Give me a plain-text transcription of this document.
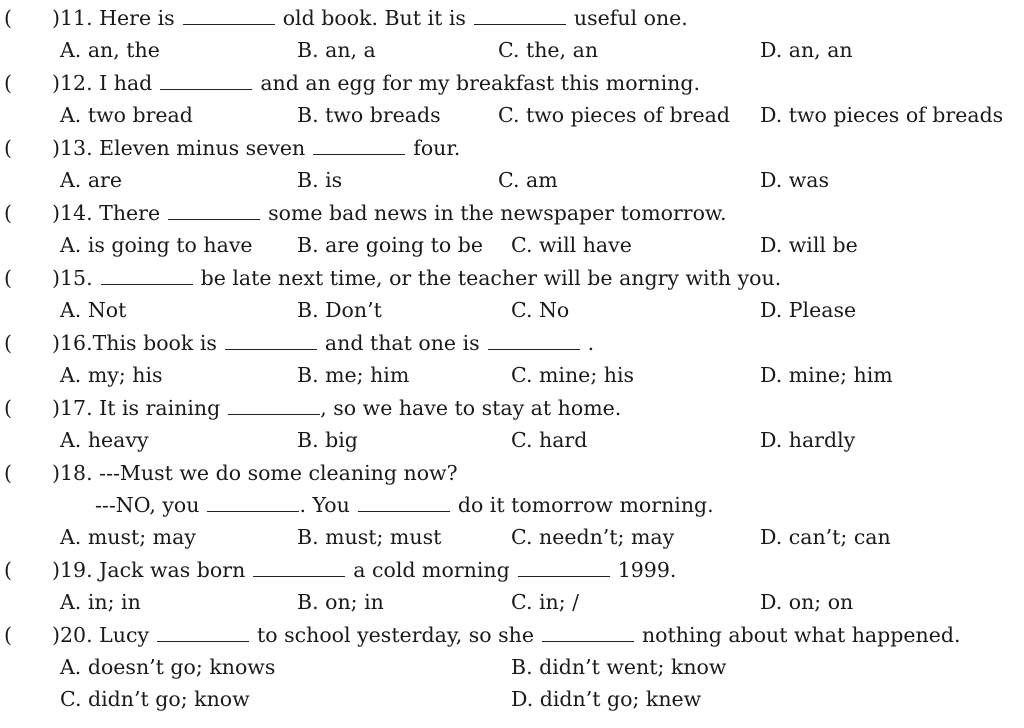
( )11. Here is	old book. But it is	useful one.
A. an, the	B. an, a	C. the, an	D. an, an
( )12. I had	and an egg for my breakfast this morning.
A. two bread	B. two breads	C. two pieces of bread D. two pieces of breads
( )13. Eleven minus seven	four.
A. are	B. is	C. am	D. was
( )14. There	some bad news in the newspaper tomorrow.
A. is going to have B. are going to be C. will have	D. will be
( )15.	be late next time, or the teacher will be angry with you.
A. Not	B. Don’t	C. No	D. Please
( )16.This book is	and that one is	.
A. my; his	B. me; him	C. mine; his	D. mine; him
( )17. It is raining	, so we have to stay at home.
A. heavy	B. big	C. hard	D. hardly
( )18. ---Must we do some cleaning now?
---NO, you	. You	do it tomorrow morning.
A. must; may	B. must; must	C. needn’t; may	D. can’t; can
( )19. Jack was born	a cold morning	1999.
A. in; in	B. on; in	C. in; /	D. on; on
( )20. Lucy	to school yesterday, so she	nothing about what happened.
A. doesn’t go; knows	B. didn’t went; know
C. didn’t go; know	D. didn’t go; knew
